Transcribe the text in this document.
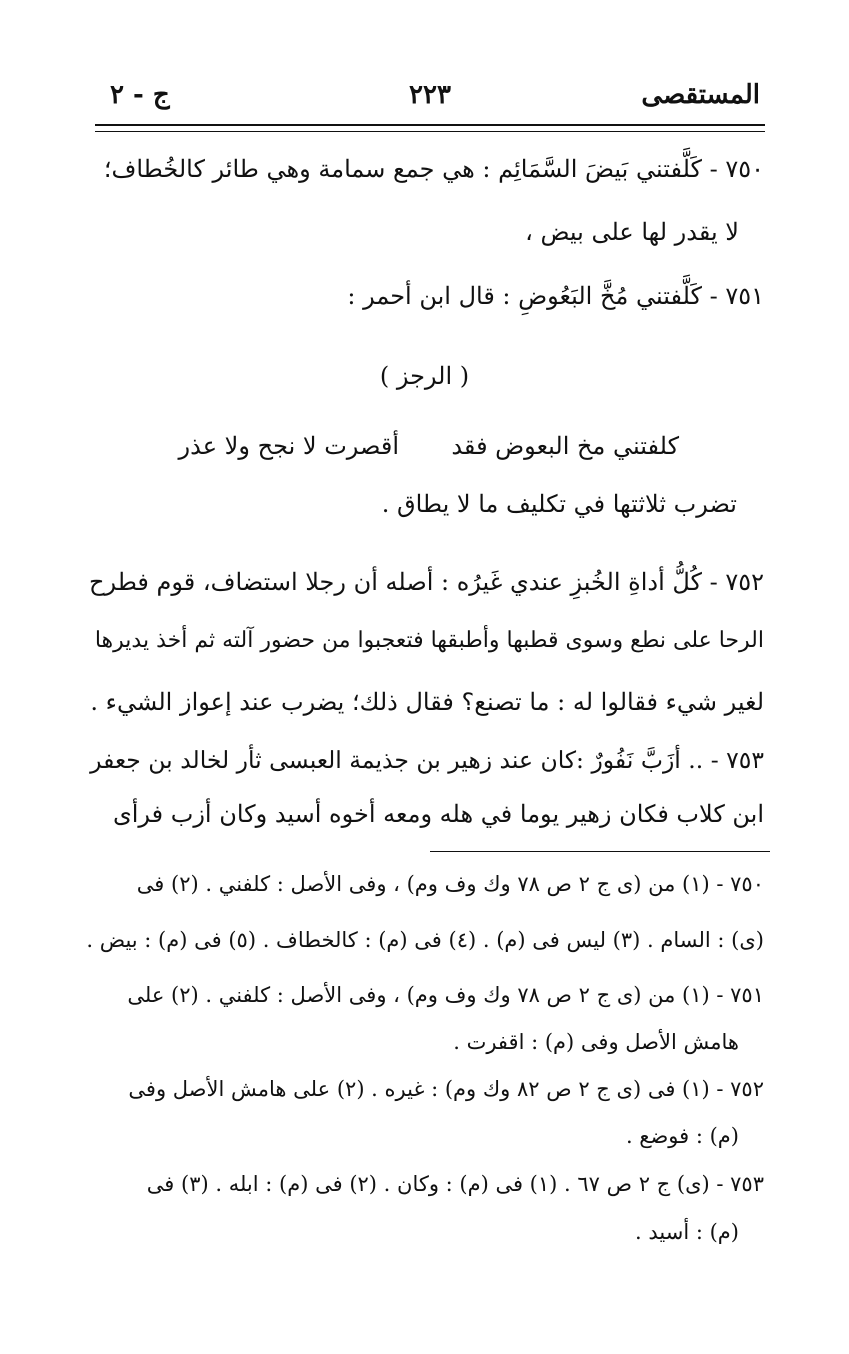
المستقصى
٢٢٣
ج - ٢
٧٥٠ - كَلَّفتني بَيضَ السَّمَائِم : هي جمع سمامة وهي طائر كالخُطاف؛
لا يقدر لها على بيض ،
٧٥١ - كَلَّفتني مُخَّ البَعُوضِ : قال ابن أحمر :
( الرجز )
كلفتني مخ البعوض فقد
أقصرت لا نجح ولا عذر
تضرب ثلاثتها في تكليف ما لا يطاق .
٧٥٢ - كُلُّ أداةِ الخُبزِ عندي غَيرُه : أصله أن رجلا استضاف، قوم فطرح
الرحا على نطع وسوى قطبها وأطبقها فتعجبوا من حضور آلته ثم أخذ يديرها
لغير شيء فقالوا له : ما تصنع؟ فقال ذلك؛ يضرب عند إعواز الشيء .
٧٥٣ - .. أزَبَّ نَفُورٌ :كان عند زهير بن جذيمة العبسى ثأر لخالد بن جعفر
ابن كلاب فكان زهير يوما في هله ومعه أخوه أسيد وكان أزب فرأى
٧٥٠ - (١) من (ى ج ٢ ص ٧٨ وك وف وم) ، وفى الأصل : كلفني . (٢) فى
(ى) : السام . (٣) ليس فى (م) . (٤) فى (م) : كالخطاف . (٥) فى (م) : بيض .
٧٥١ - (١) من (ى ج ٢ ص ٧٨ وك وف وم) ، وفى الأصل : كلفني . (٢) على
هامش الأصل وفى (م) : اقفرت .
٧٥٢ - (١) فى (ى ج ٢ ص ٨٢ وك وم) : غيره . (٢) على هامش الأصل وفى
(م) : فوضع .
٧٥٣ - (ى) ج ٢ ص ٦٧ . (١) فى (م) : وكان . (٢) فى (م) : ابله . (٣) فى
(م) : أسيد .
